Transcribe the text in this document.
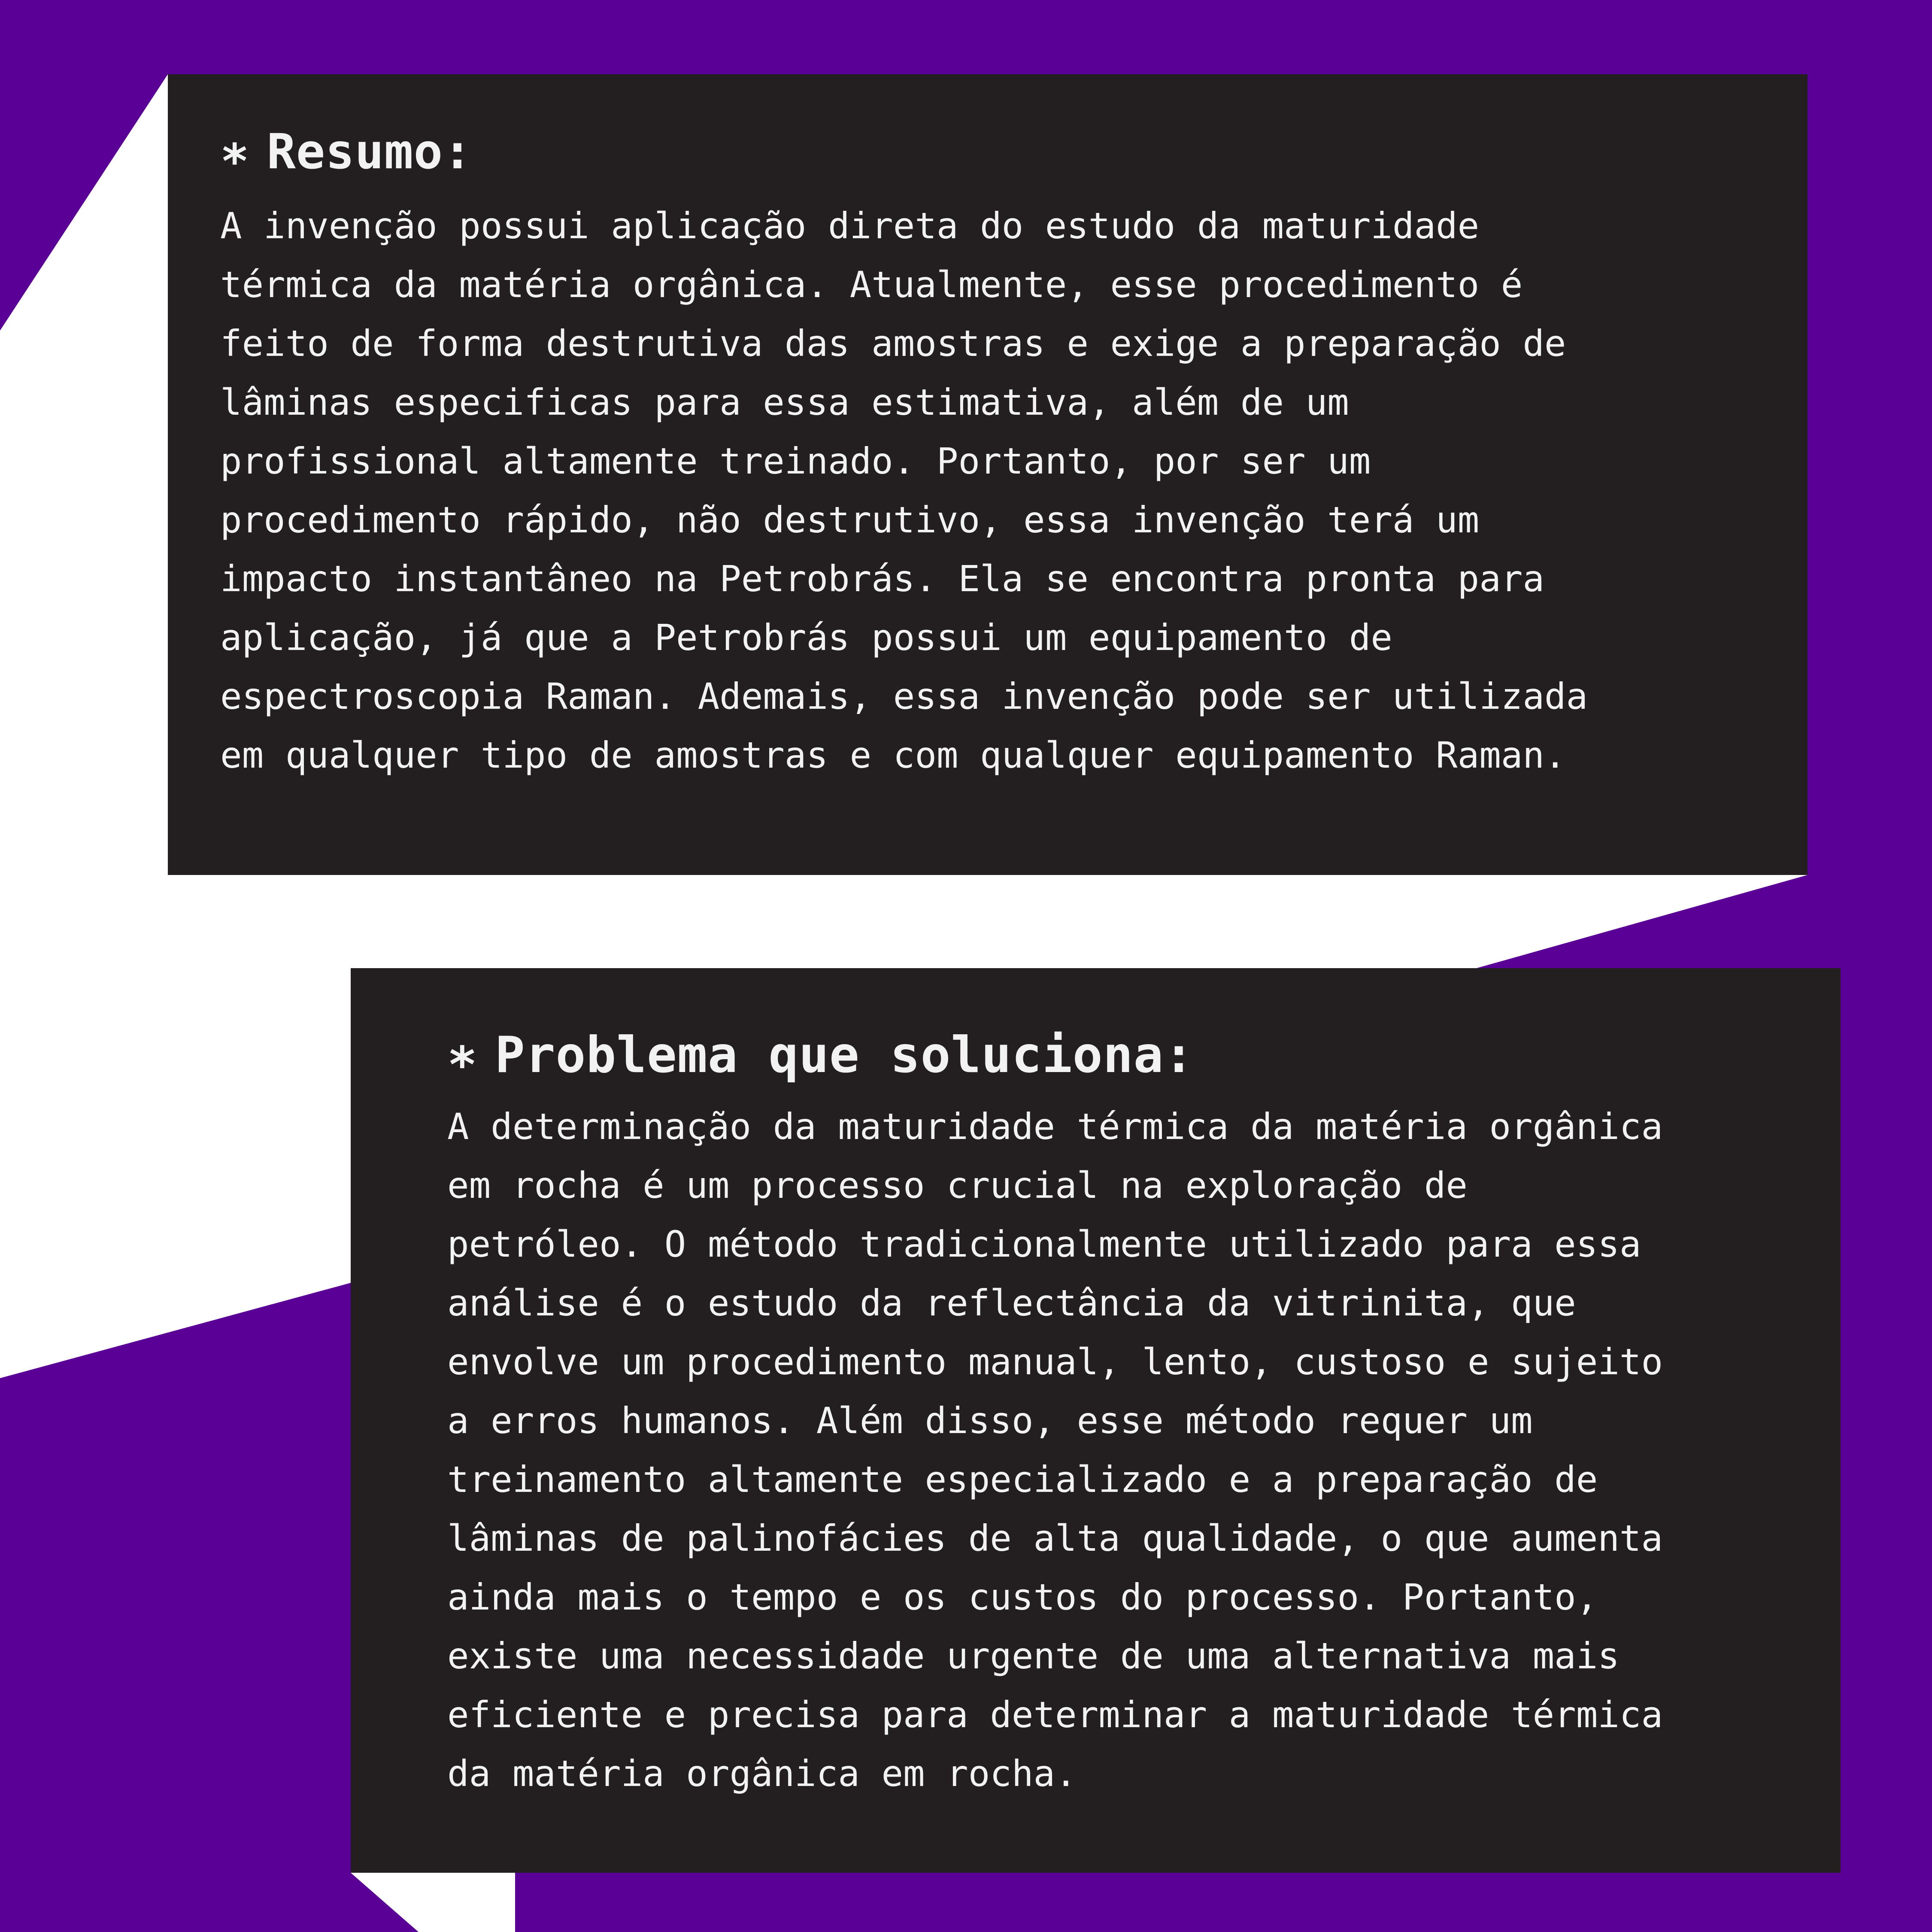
∗ Resumo:

A invenção possui aplicação direta do estudo da maturidade
térmica da matéria orgânica. Atualmente, esse procedimento é
feito de forma destrutiva das amostras e exige a preparação de
lâminas especificas para essa estimativa, além de um
profissional altamente treinado. Portanto, por ser um
procedimento rápido, não destrutivo, essa invenção terá um
impacto instantâneo na Petrobrás. Ela se encontra pronta para
aplicação, já que a Petrobrás possui um equipamento de
espectroscopia Raman. Ademais, essa invenção pode ser utilizada
em qualquer tipo de amostras e com qualquer equipamento Raman.

∗ Problema que soluciona:

A determinação da maturidade térmica da matéria orgânica
em rocha é um processo crucial na exploração de
petróleo. O método tradicionalmente utilizado para essa
análise é o estudo da reflectância da vitrinita, que
envolve um procedimento manual, lento, custoso e sujeito
a erros humanos. Além disso, esse método requer um
treinamento altamente especializado e a preparação de
lâminas de palinofácies de alta qualidade, o que aumenta
ainda mais o tempo e os custos do processo. Portanto,
existe uma necessidade urgente de uma alternativa mais
eficiente e precisa para determinar a maturidade térmica
da matéria orgânica em rocha.
